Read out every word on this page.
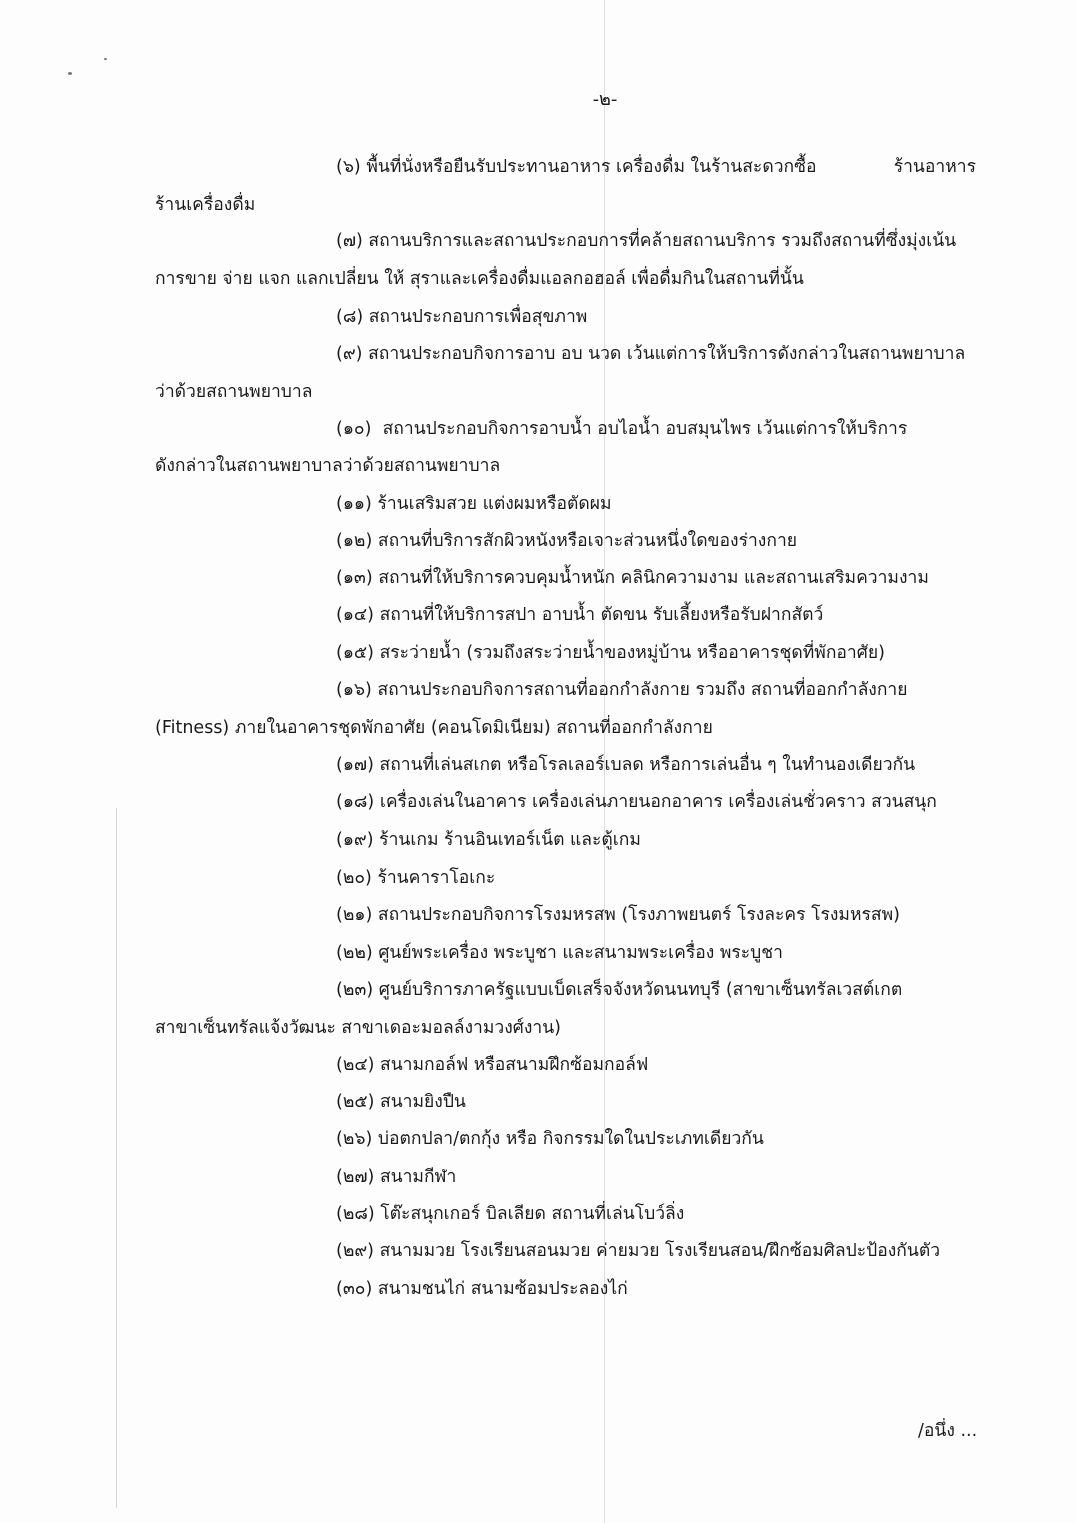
-๒-
(๖) พื้นที่นั่งหรือยืนรับประทานอาหาร เครื่องดื่ม ในร้านสะดวกซื้อ	ร้านอาหาร
ร้านเครื่องดื่ม
(๗) สถานบริการและสถานประกอบการที่คล้ายสถานบริการ รวมถึงสถานที่ซึ่งมุ่งเน้น
การขาย จ่าย แจก แลกเปลี่ยน ให้ สุราและเครื่องดื่มแอลกอฮอล์ เพื่อดื่มกินในสถานที่นั้น
(๘) สถานประกอบการเพื่อสุขภาพ
(๙) สถานประกอบกิจการอาบ อบ นวด เว้นแต่การให้บริการดังกล่าวในสถานพยาบาล
ว่าด้วยสถานพยาบาล
(๑๐) สถานประกอบกิจการอาบน้ำ อบไอน้ำ อบสมุนไพร เว้นแต่การให้บริการ
ดังกล่าวในสถานพยาบาลว่าด้วยสถานพยาบาล
(๑๑) ร้านเสริมสวย แต่งผมหรือตัดผม
(๑๒) สถานที่บริการสักผิวหนังหรือเจาะส่วนหนึ่งใดของร่างกาย
(๑๓) สถานที่ให้บริการควบคุมน้ำหนัก คลินิกความงาม และสถานเสริมความงาม
(๑๔) สถานที่ให้บริการสปา อาบน้ำ ตัดขน รับเลี้ยงหรือรับฝากสัตว์
(๑๕) สระว่ายน้ำ (รวมถึงสระว่ายน้ำของหมู่บ้าน หรืออาคารชุดที่พักอาศัย)
(๑๖) สถานประกอบกิจการสถานที่ออกกำลังกาย รวมถึง สถานที่ออกกำลังกาย
(Fitness) ภายในอาคารชุดพักอาศัย (คอนโดมิเนียม) สถานที่ออกกำลังกาย
(๑๗) สถานที่เล่นสเกต หรือโรลเลอร์เบลด หรือการเล่นอื่น ๆ ในทำนองเดียวกัน
(๑๘) เครื่องเล่นในอาคาร เครื่องเล่นภายนอกอาคาร เครื่องเล่นชั่วคราว สวนสนุก
(๑๙) ร้านเกม ร้านอินเทอร์เน็ต และตู้เกม
(๒๐) ร้านคาราโอเกะ
(๒๑) สถานประกอบกิจการโรงมหรสพ (โรงภาพยนตร์ โรงละคร โรงมหรสพ)
(๒๒) ศูนย์พระเครื่อง พระบูชา และสนามพระเครื่อง พระบูชา
(๒๓) ศูนย์บริการภาครัฐแบบเบ็ดเสร็จจังหวัดนนทบุรี (สาขาเซ็นทรัลเวสต์เกต
สาขาเซ็นทรัลแจ้งวัฒนะ สาขาเดอะมอลล์งามวงศ์งาน)
(๒๔) สนามกอล์ฟ หรือสนามฝึกซ้อมกอล์ฟ
(๒๕) สนามยิงปืน
(๒๖) บ่อตกปลา/ตกกุ้ง หรือ กิจกรรมใดในประเภทเดียวกัน
(๒๗) สนามกีฬา
(๒๘) โต๊ะสนุกเกอร์ บิลเลียด สถานที่เล่นโบว์ลิ่ง
(๒๙) สนามมวย โรงเรียนสอนมวย ค่ายมวย โรงเรียนสอน/ฝึกซ้อมศิลปะป้องกันตัว
(๓๐) สนามชนไก่ สนามซ้อมประลองไก่
/อนึ่ง ...
